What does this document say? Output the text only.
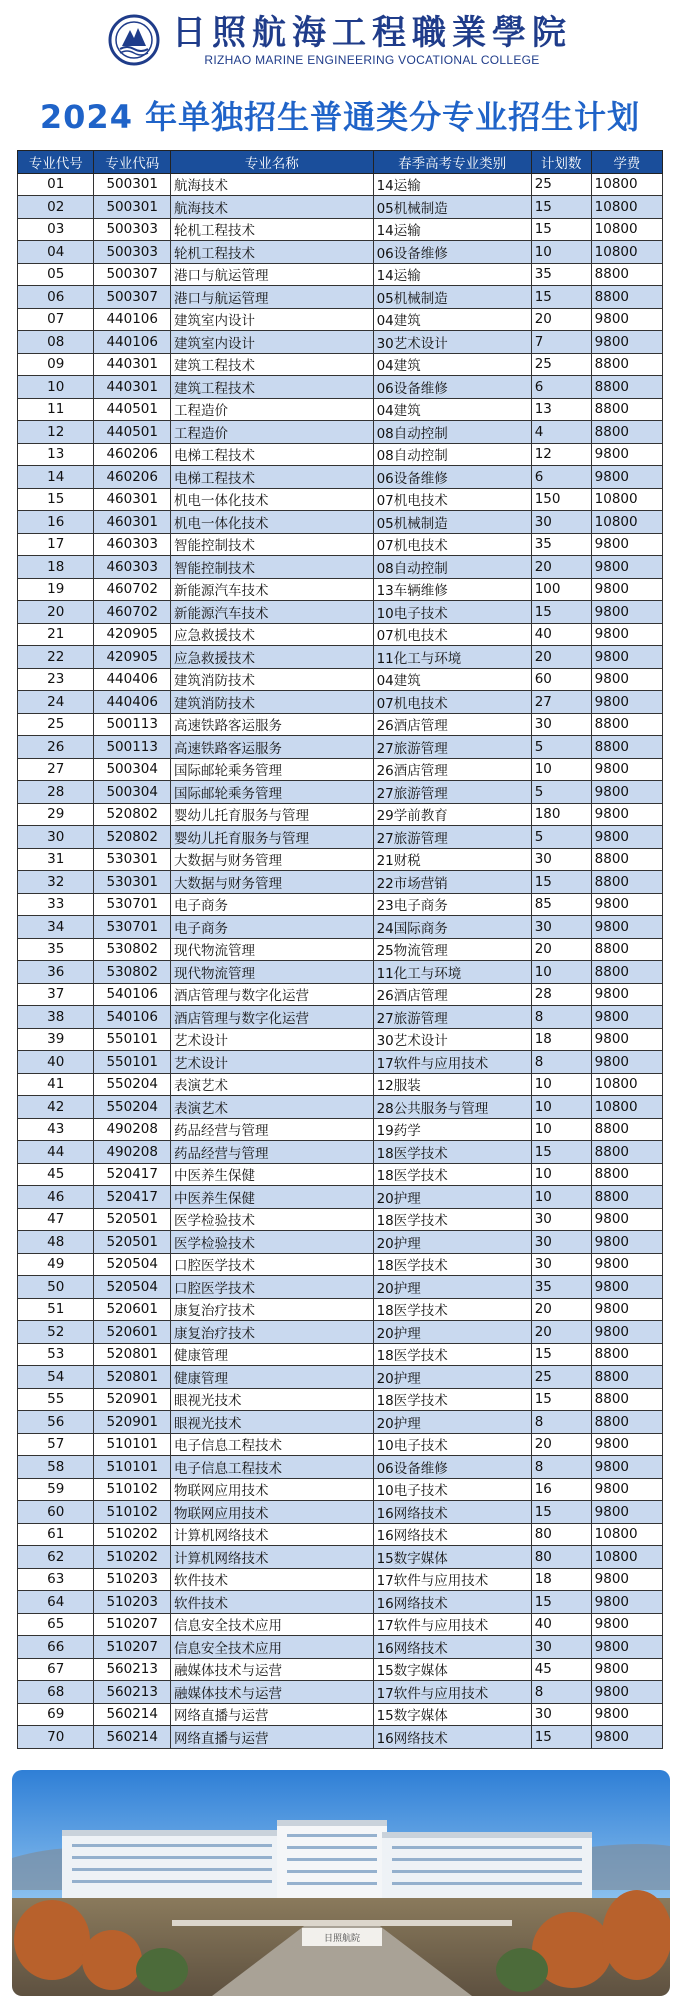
日照航海工程職業學院
RIZHAO MARINE ENGINEERING VOCATIONAL COLLEGE
2024 年单独招生普通类分专业招生计划
专业代号	专业代码	专业名称	春季高考专业类别	计划数	学费
01	500301	航海技术	14运输	25	10800
02	500301	航海技术	05机械制造	15	10800
03	500303	轮机工程技术	14运输	15	10800
04	500303	轮机工程技术	06设备维修	10	10800
05	500307	港口与航运管理	14运输	35	8800
06	500307	港口与航运管理	05机械制造	15	8800
07	440106	建筑室内设计	04建筑	20	9800
08	440106	建筑室内设计	30艺术设计	7	9800
09	440301	建筑工程技术	04建筑	25	8800
10	440301	建筑工程技术	06设备维修	6	8800
11	440501	工程造价	04建筑	13	8800
12	440501	工程造价	08自动控制	4	8800
13	460206	电梯工程技术	08自动控制	12	9800
14	460206	电梯工程技术	06设备维修	6	9800
15	460301	机电一体化技术	07机电技术	150	10800
16	460301	机电一体化技术	05机械制造	30	10800
17	460303	智能控制技术	07机电技术	35	9800
18	460303	智能控制技术	08自动控制	20	9800
19	460702	新能源汽车技术	13车辆维修	100	9800
20	460702	新能源汽车技术	10电子技术	15	9800
21	420905	应急救援技术	07机电技术	40	9800
22	420905	应急救援技术	11化工与环境	20	9800
23	440406	建筑消防技术	04建筑	60	9800
24	440406	建筑消防技术	07机电技术	27	9800
25	500113	高速铁路客运服务	26酒店管理	30	8800
26	500113	高速铁路客运服务	27旅游管理	5	8800
27	500304	国际邮轮乘务管理	26酒店管理	10	9800
28	500304	国际邮轮乘务管理	27旅游管理	5	9800
29	520802	婴幼儿托育服务与管理	29学前教育	180	9800
30	520802	婴幼儿托育服务与管理	27旅游管理	5	9800
31	530301	大数据与财务管理	21财税	30	8800
32	530301	大数据与财务管理	22市场营销	15	8800
33	530701	电子商务	23电子商务	85	9800
34	530701	电子商务	24国际商务	30	9800
35	530802	现代物流管理	25物流管理	20	8800
36	530802	现代物流管理	11化工与环境	10	8800
37	540106	酒店管理与数字化运营	26酒店管理	28	9800
38	540106	酒店管理与数字化运营	27旅游管理	8	9800
39	550101	艺术设计	30艺术设计	18	9800
40	550101	艺术设计	17软件与应用技术	8	9800
41	550204	表演艺术	12服装	10	10800
42	550204	表演艺术	28公共服务与管理	10	10800
43	490208	药品经营与管理	19药学	10	8800
44	490208	药品经营与管理	18医学技术	15	8800
45	520417	中医养生保健	18医学技术	10	8800
46	520417	中医养生保健	20护理	10	8800
47	520501	医学检验技术	18医学技术	30	9800
48	520501	医学检验技术	20护理	30	9800
49	520504	口腔医学技术	18医学技术	30	9800
50	520504	口腔医学技术	20护理	35	9800
51	520601	康复治疗技术	18医学技术	20	9800
52	520601	康复治疗技术	20护理	20	9800
53	520801	健康管理	18医学技术	15	8800
54	520801	健康管理	20护理	25	8800
55	520901	眼视光技术	18医学技术	15	8800
56	520901	眼视光技术	20护理	8	8800
57	510101	电子信息工程技术	10电子技术	20	9800
58	510101	电子信息工程技术	06设备维修	8	9800
59	510102	物联网应用技术	10电子技术	16	9800
60	510102	物联网应用技术	16网络技术	15	9800
61	510202	计算机网络技术	16网络技术	80	10800
62	510202	计算机网络技术	15数字媒体	80	10800
63	510203	软件技术	17软件与应用技术	18	9800
64	510203	软件技术	16网络技术	15	9800
65	510207	信息安全技术应用	17软件与应用技术	40	9800
66	510207	信息安全技术应用	16网络技术	30	9800
67	560213	融媒体技术与运营	15数字媒体	45	9800
68	560213	融媒体技术与运营	17软件与应用技术	8	9800
69	560214	网络直播与运营	15数字媒体	30	9800
70	560214	网络直播与运营	16网络技术	15	9800
日照航院
